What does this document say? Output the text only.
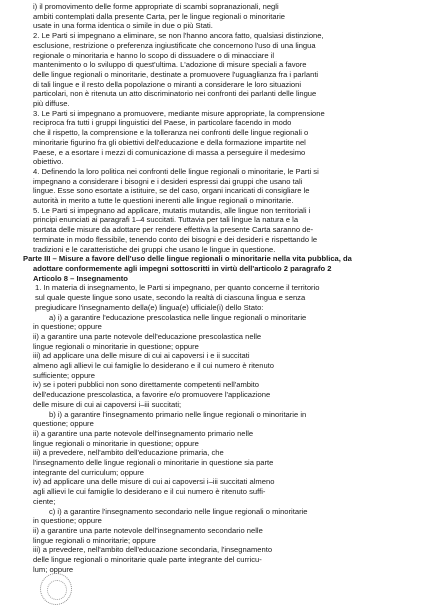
i) il promovimento delle forme appropriate di scambi sopranazionali, negli
ambiti contemplati dalla presente Carta, per le lingue regionali o minoritarie
usate in una forma identica o simile in due o più Stati.
2. Le Parti si impegnano a eliminare, se non l'hanno ancora fatto, qualsiasi distinzione,
esclusione, restrizione o preferenza ingiustificate che concernono l'uso di una lingua
regionale o minoritaria e hanno lo scopo di dissuadere o di minacciare il
mantenimento o lo sviluppo di quest'ultima. L'adozione di misure speciali a favore
delle lingue regionali o minoritarie, destinate a promuovere l'uguaglianza fra i parlanti
di tali lingue e il resto della popolazione o miranti a considerare le loro situazioni
particolari, non è ritenuta un atto discriminatorio nei confronti dei parlanti delle lingue
più diffuse.
3. Le Parti si impegnano a promuovere, mediante misure appropriate, la comprensione
reciproca fra tutti i gruppi linguistici del Paese, in particolare facendo in modo
che il rispetto, la comprensione e la tolleranza nei confronti delle lingue regionali o
minoritarie figurino fra gli obiettivi dell'educazione e della formazione impartite nel
Paese, e a esortare i mezzi di comunicazione di massa a perseguire il medesimo
obiettivo.
4. Definendo la loro politica nei confronti delle lingue regionali o minoritarie, le Parti si
impegnano a considerare i bisogni e i desideri espressi dai gruppi che usano tali
lingue. Esse sono esortate a istituire, se del caso, organi incaricati di consigliare le
autorità in merito a tutte le questioni inerenti alle lingue regionali o minoritarie.
5. Le Parti si impegnano ad applicare, mutatis mutandis, alle lingue non territoriali i
principi enunciati ai paragrafi 1–4 succitati. Tuttavia per tali lingue la natura e la
portata delle misure da adottare per rendere effettiva la presente Carta saranno de-
terminate in modo flessibile, tenendo conto dei bisogni e dei desideri e rispettando le
tradizioni e le caratteristiche dei gruppi che usano le lingue in questione.
Parte III – Misure a favore dell'uso delle lingue regionali o minoritarie nella vita pubblica, da
adottare conformemente agli impegni sottoscritti in virtù dell'articolo 2 paragrafo 2
Articolo 8 – Insegnamento
1. In materia di insegnamento, le Parti si impegnano, per quanto concerne il territorio
sul quale queste lingue sono usate, secondo la realtà di ciascuna lingua e senza
pregiudicare l'insegnamento della(e) lingua(e) ufficiale(i) dello Stato:
a) i) a garantire l'educazione prescolastica nelle lingue regionali o minoritarie
in questione; oppure
ii) a garantire una parte notevole dell'educazione prescolastica nelle
lingue regionali o minoritarie in questione; oppure
iii) ad applicare una delle misure di cui ai capoversi i e ii succitati
almeno agli allievi le cui famiglie lo desiderano e il cui numero è ritenuto
sufficiente; oppure
iv) se i poteri pubblici non sono direttamente competenti nell'ambito
dell'educazione prescolastica, a favorire e/o promuovere l'applicazione
delle misure di cui ai capoversi i–iii succitati;
b) i) a garantire l'insegnamento primario nelle lingue regionali o minoritarie in
questione; oppure
ii) a garantire una parte notevole dell'insegnamento primario nelle
lingue regionali o minoritarie in questione; oppure
iii) a prevedere, nell'ambito dell'educazione primaria, che
l'insegnamento delle lingue regionali o minoritarie in questione sia parte
integrante del curriculum; oppure
iv) ad applicare una delle misure di cui ai capoversi i–iii succitati almeno
agli allievi le cui famiglie lo desiderano e il cui numero è ritenuto suffi-
ciente;
c) i) a garantire l'insegnamento secondario nelle lingue regionali o minoritarie
in questione; oppure
ii) a garantire una parte notevole dell'insegnamento secondario nelle
lingue regionali o minoritarie; oppure
iii) a prevedere, nell'ambito dell'educazione secondaria, l'insegnamento
delle lingue regionali o minoritarie quale parte integrante del curricu-
lum; oppure
